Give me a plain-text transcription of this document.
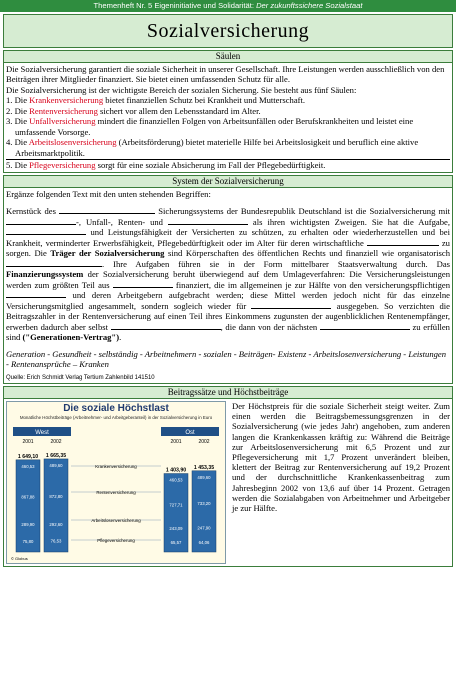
Themenheft Nr. 5 Eigeninitiative und Solidarität: Der zukunftssichere Sozialstaat
Sozialversicherung
Säulen
Die Sozialversicherung garantiert die soziale Sicherheit in unserer Gesellschaft. Ihre Leistungen werden ausschließlich von den Beiträgen ihrer Mitglieder finanziert. Sie bietet einen umfassenden Schutz für alle.
Die Sozialversicherung ist der wichtigste Bereich der sozialen Sicherung. Sie besteht aus fünf Säulen:
1. Die Krankenversicherung bietet finanziellen Schutz bei Krankheit und Mutterschaft.
2. Die Rentenversicherung sichert vor allem den Lebensstandard im Alter.
3. Die Unfallversicherung mindert die finanziellen Folgen von Arbeitsunfällen oder Berufskrankheiten und leistet eine umfassende Vorsorge.
4. Die Arbeitslosenversicherung (Arbeitsförderung) bietet materielle Hilfe bei Arbeitslosigkeit und beruflich eine aktive Arbeitsmarktpolitik.
5. Die Pflegeversicherung sorgt für eine soziale Absicherung im Fall der Pflegebedürftigkeit.
System der Sozialversicherung
Ergänze folgenden Text mit den unten stehenden Begriffen:
Kernstück des	Sicherungssystems der Bundesrepublik Deutschland ist die Sozialversicherung mit -, Unfall-, Renten- und	als ihren wichtigsten Zweigen. Sie hat die Aufgabe,  und Leistungsfähigkeit der Versicherten zu schützen, zu erhalten oder wiederherzustellen und bei Krankheit, verminderter Erwerbsfähigkeit, Pflegebedürftigkeit oder im Alter für deren wirtschaftliche	zu sorgen. Die Träger der Sozialversicherung sind Körperschaften des öffentlichen Rechts und finanziell wie organisatorisch . Ihre Aufgaben führen sie in der Form mittelbarer Staatsverwaltung durch. Das Finanzierungssystem der Sozialversicherung beruht überwiegend auf dem Umlageverfahren: Die Versicherungsleistungen werden zum größten Teil aus	finanziert, die im allgemeinen je zur Hälfte von den versicherungspflichtigen  und deren Arbeitgebern aufgebracht werden; diese Mittel werden jedoch nicht für das einzelne Versicherungsmitglied angesammelt, sondern sogleich wieder für	ausgegeben. So verzichten die Beitragszahler in der Rentenversicherung auf einen Teil ihres Einkommens zugunsten der augenblicklichen Rentenempfänger, erwerben dadurch aber selbst	, die dann von der nächsten	zu erfüllen sind ("Generationen-Vertrag").
Generation - Gesundheit - selbständig - Arbeitnehmern - sozialen - Beiträgen- Existenz - Arbeitslosenversicherung - Leistungen - Rentenansprüche – Kranken
Quelle: Erich Schmidt Verlag Tertium Zahlenbild 141510
Beitragssätze und Höchstbeiträge
Die soziale Höchstlast
Monatliche Höchstbeiträge (Arbeitnehmer- und Arbeitgeberanteil) in der Sozialversicherung in Euro
West	Ost
2001
1 649,10
460,53
867,88
289,90
75,80
2002
1 665,35
489,60
872,80
292,60
76,53
2001
1 403,90
460,53
727,71
243,09
65,57
2002
1 453,35
489,60
733,20
247,90
64,06
Krankenversicherung
Rentenversicherung
Arbeitslosenversicherung
Pflegeversicherung
© Globus
Der Höchstpreis für die soziale Sicherheit steigt weiter. Zum einen werden die Beitragsbemessungsgrenzen in der Sozialversicherung (wie jedes Jahr) angehoben, zum anderen langen die Krankenkassen kräftig zu: Während die Beiträge zur Arbeitslosenversicherung mit 6,5 Prozent und zur Pflegeversicherung mit 1,7 Prozent unverändert bleiben, klettert der Beitrag zur Rentenversicherung auf 19,2 Prozent und der durchschnittliche Krankenkassenbeitrag zum Jahresbeginn 2002 von 13,6 auf über 14 Prozent. Getragen werden die Sozialabgaben von Arbeitnehmer und Arbeitgeber je zur Hälfte.
